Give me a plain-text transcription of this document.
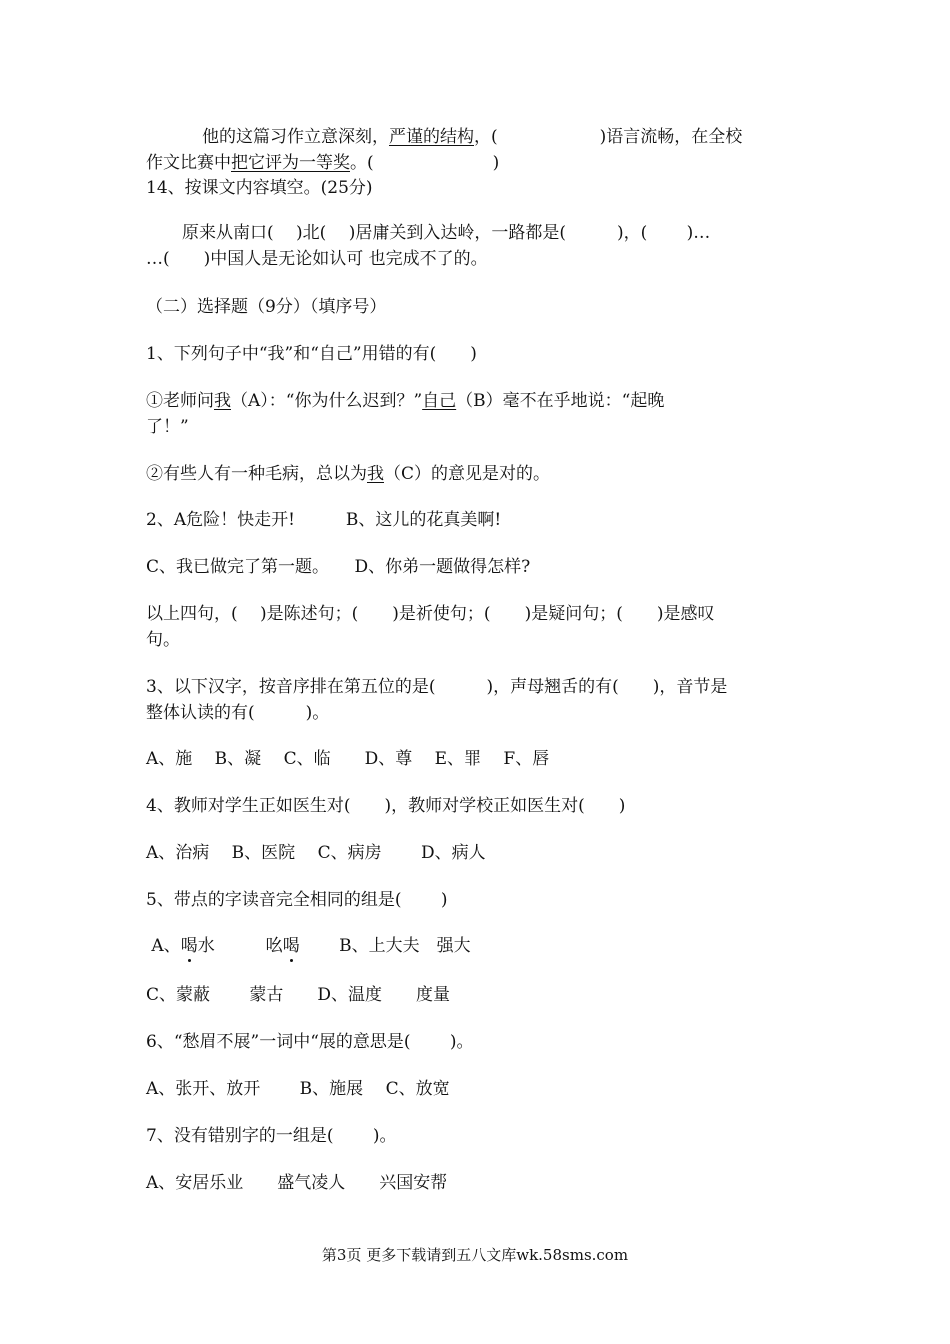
他的这篇习作立意深刻，严谨的结构，(　　　　　　)语言流畅，在全校
作文比赛中把它评为一等奖。(　　　　　　　)
14、按课文内容填空。(25分)
原来从南口(　 )北(　 )居庸关到入达岭，一路都是(　　　)，(　　 )…
…(　　)中国人是无论如认可 也完成不了的。
（二）选择题（9分）（填序号）
1、下列句子中“我”和“自己”用错的有(　　)
①老师问我（A）：“你为什么迟到？”自己（B）毫不在乎地说：“起晚
了！”
②有些人有一种毛病，总以为我（C）的意见是对的。
2、A危险！快走开!　　　B、这儿的花真美啊!
C、我已做完了第一题。　　D、你弟一题做得怎样?
以上四句，(　 )是陈述句；(　　)是祈使句；(　　)是疑问句；(　　)是感叹
句。
3、以下汉字，按音序排在第五位的是(　　　)，声母翘舌的有(　　)，音节是
整体认读的有(　　　)。
A、施　 B、凝　 C、临　　D、尊　 E、罪　 F、唇
4、教师对学生正如医生对(　　)，教师对学校正如医生对(　　)
A、治病　 B、医院　 C、病房　　 D、病人
5、带点的字读音完全相同的组是(　　 )
A、喝水　　　吆喝　　 B、上大夫　强大
C、蒙蔽　　 蒙古　　D、温度　　度量
6、“愁眉不展”一词中“展的意思是(　　 )。
A、张开、放开　　 B、施展　 C、放宽
7、没有错别字的一组是(　　 )。
A、安居乐业　　盛气凌人　　兴国安帮
第3页 更多下载请到五八文库wk.58sms.com
